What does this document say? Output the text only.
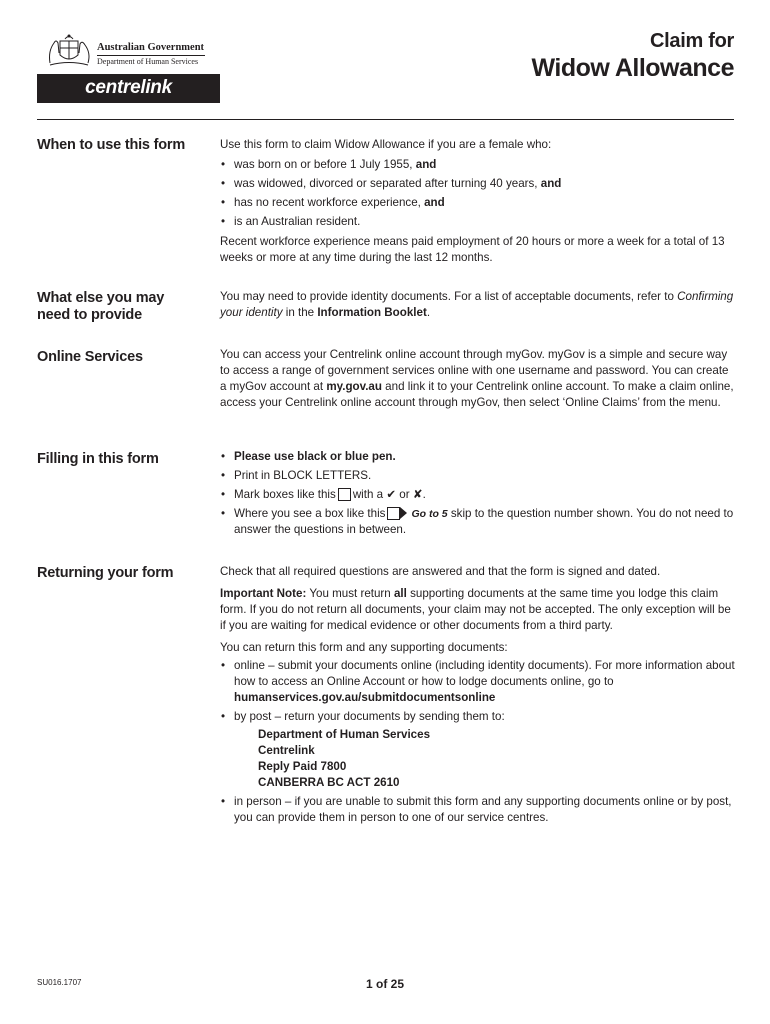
Australian Government
Department of Human Services
centrelink
Claim for
Widow Allowance
When to use this form	Use this form to claim Widow Allowance if you are a female who:

• was born on or before 1 July 1955, and
• was widowed, divorced or separated after turning 40 years, and
• has no recent workforce experience, and
• is an Australian resident.

Recent workforce experience means paid employment of 20 hours or more a week for a total of 13 weeks or more at any time during the last 12 months.

What else you may need to provide

You may need to provide identity documents. For a list of acceptable documents, refer to Confirming your identity in the Information Booklet.

Online Services	You can access your Centrelink online account through myGov. myGov is a simple and secure way to access a range of government services online with one username and password. You can create a myGov account at my.gov.au and link it to your Centrelink online account. To make a claim online, access your Centrelink online account through myGov, then select ‘Online Claims’ from the menu.

Filling in this form
•	Please use black or blue pen.
• Print in BLOCK LETTERS.
• Mark boxes like this with a ✔ or ✘.
• Where you see a box like this Go to 5 skip to the question number shown. You do not need to answer the questions in between.
Returning your form	Check that all required questions are answered and that the form is signed and dated.

Important Note: You must return all supporting documents at the same time you lodge this claim form. If you do not return all documents, your claim may not be accepted. The only exception will be if you are waiting for medical evidence or other documents from a third party.

You can return this form and any supporting documents:

• online – submit your documents online (including identity documents). For more information about how to access an Online Account or how to lodge documents online, go to humanservices.gov.au/submitdocumentsonline
• by post – return your documents by sending them to:
Department of Human Services
Centrelink
Reply Paid 7800
CANBERRA BC ACT 2610
• in person – if you are unable to submit this form and any supporting documents online or by post, you can provide them in person to one of our service centres.
SU016.1707	1 of 25
